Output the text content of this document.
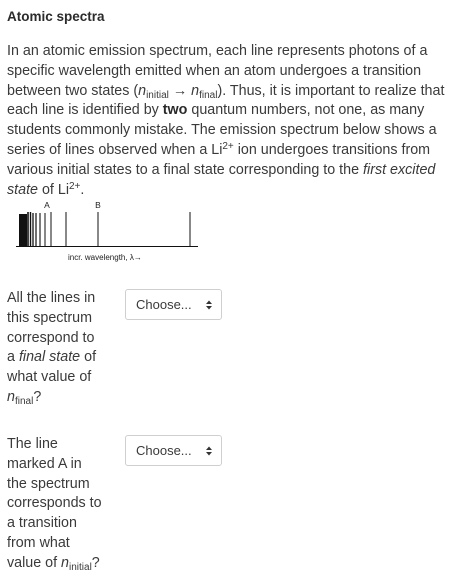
Atomic spectra
In an atomic emission spectrum, each line represents photons of a specific wavelength emitted when an atom undergoes a transition between two states $(n_{initial} \to n_{final})$. Thus, it is important to realize that each line is identified by two quantum numbers, not one, as many students commonly mistake. The emission spectrum below shows a series of lines observed when a $Li^{2+}$ ion undergoes transitions from various initial states to a final state corresponding to the first excited state of $Li^{2+}$.
A	B
incr. wavelength, λ→
All the lines in this spectrum correspond to a final state of what value of $n_{final}$?
Choose...
The line marked A in the spectrum corresponds to a transition from what value of $n_{initial}$?
Choose...
